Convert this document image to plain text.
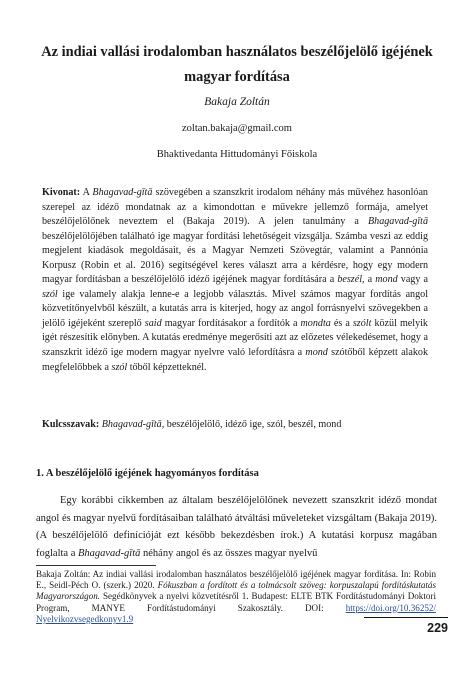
Az indiai vallási irodalomban használatos beszélőjelölő igéjének magyar fordítása
Bakaja Zoltán
zoltan.bakaja@gmail.com
Bhaktivedanta Hittudományi Főiskola

Kivonat: A Bhagavad-gītā szövegében a szanszkrit irodalom néhány más művéhez hasonlóan szerepel az idéző mondatnak az a kimondottan e művekre jellemző formája, amelyet beszélőjelölőnek neveztem el (Bakaja 2019). A jelen tanulmány a Bhagavad-gītā beszélőjelölőjében található ige magyar fordítási lehetőségeit vizsgálja. Számba veszi az eddig megjelent kiadások megoldásait, és a Magyar Nemzeti Szövegtár, valamint a Pannónia Korpusz (Robin et al. 2016) segítségével keres választ arra a kérdésre, hogy egy modern magyar fordításban a beszélőjelölő idéző igéjének magyar fordítására a beszél, a mond vagy a szól ige valamely alakja lenne-e a legjobb választás. Mivel számos magyar fordítás angol közvetítőnyelvből készült, a kutatás arra is kiterjed, hogy az angol forrásnyelvi szövegekben a jelölő igéjeként szereplő said magyar fordításakor a fordítók a mondta és a szólt közül melyik igét részesítik előnyben. A kutatás eredménye megerősíti azt az előzetes vélekedésemet, hogy a szanszkrit idéző ige modern magyar nyelvre való lefordításra a mond szótőből képzett alakok megfelelőbbek a szól tőből képzetteknél.

Kulcsszavak: Bhagavad-gītā, beszélőjelölő, idéző ige, szól, beszél, mond
1. A beszélőjelölő igéjének hagyományos fordítása

Egy korábbi cikkemben az általam beszélőjelölőnek nevezett szanszkrit idéző mondat angol és magyar nyelvű fordításaiban található átváltási műveleteket vizsgáltam (Bakaja 2019). (A beszélőjelölő definícióját ezt később bekezdésben írok.) A kutatási korpusz magában foglalta a Bhagavad-gītā néhány angol és az összes magyar nyelvű

Bakaja Zoltán: Az indiai vallási irodalomban használatos beszélőjelölő igéjének magyar fordítása. In: Robin E., Seidl-Péch O. (szerk.) 2020. Fókuszban a fordított és a tolmácsolt szöveg: korpuszalapú fordításkutatás Magyarországon. Segédkönyvek a nyelvi közvetítésről 1. Budapest: ELTE BTK Fordítástudományi Doktori Program, MANYE Fordítástudományi Szakosztály. DOI: https://doi.org/10.36252/ Nyelvikozvsegedkonyv1.9

229
